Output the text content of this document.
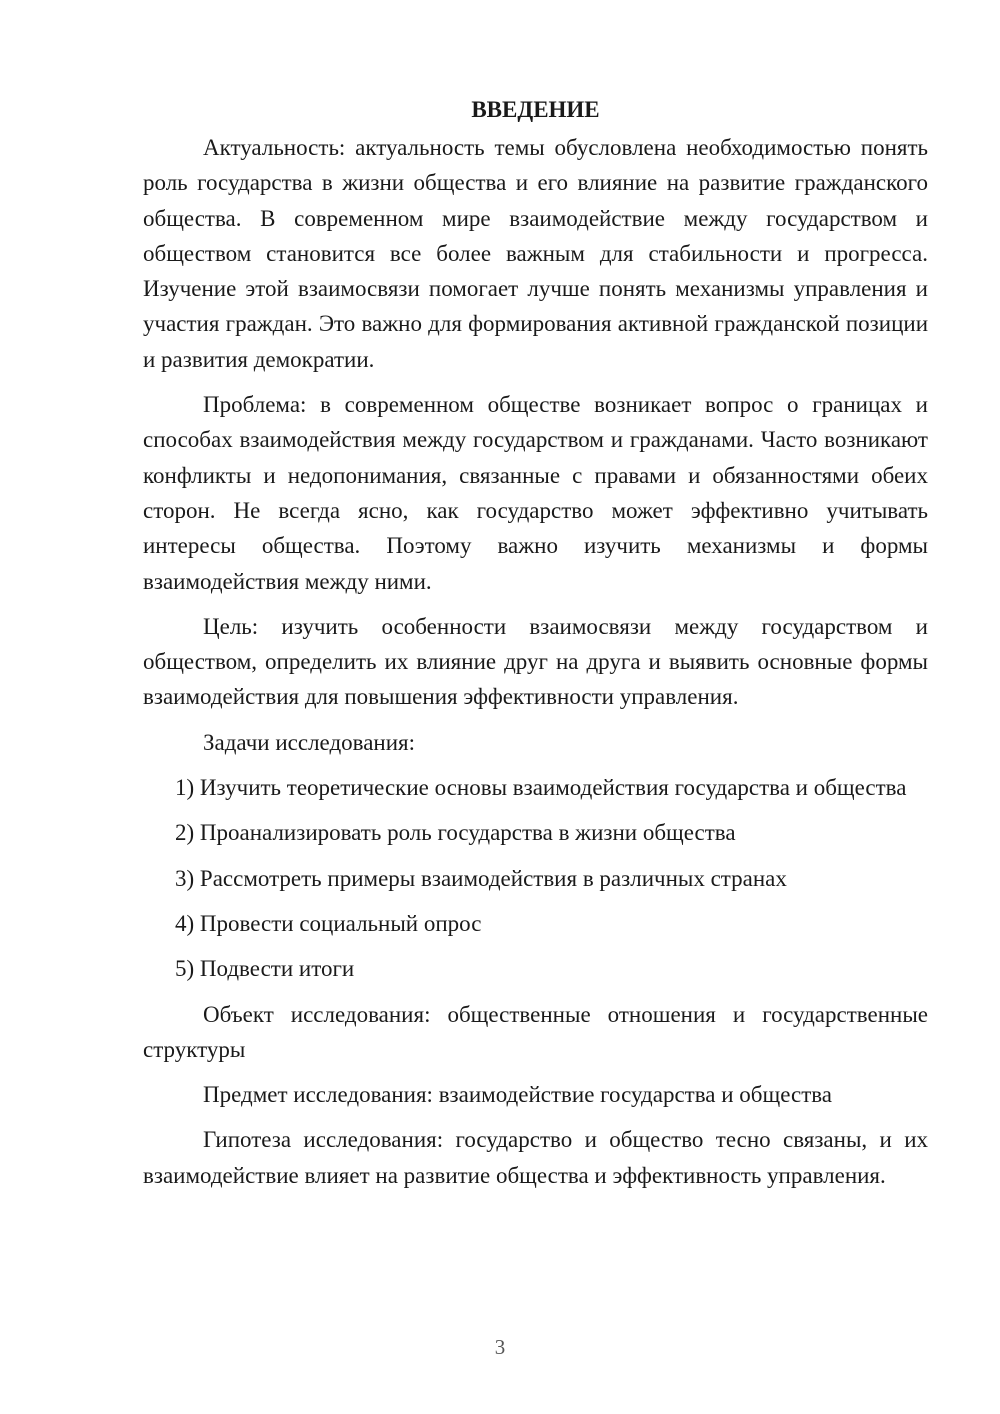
ВВЕДЕНИЕ

Актуальность: актуальность темы обусловлена необходимостью понять роль государства в жизни общества и его влияние на развитие гражданского общества. В современном мире взаимодействие между государством и обществом становится все более важным для стабильности и прогресса. Изучение этой взаимосвязи помогает лучше понять механизмы управления и участия граждан. Это важно для формирования активной гражданской позиции и развития демократии.

Проблема: в современном обществе возникает вопрос о границах и способах взаимодействия между государством и гражданами. Часто возникают конфликты и недопонимания, связанные с правами и обязанностями обеих сторон. Не всегда ясно, как государство может эффективно учитывать интересы общества. Поэтому важно изучить механизмы и формы взаимодействия между ними.

Цель: изучить особенности взаимосвязи между государством и обществом, определить их влияние друг на друга и выявить основные формы взаимодействия для повышения эффективности управления.

Задачи исследования:

1) Изучить теоретические основы взаимодействия государства и общества

2) Проанализировать роль государства в жизни общества

3) Рассмотреть примеры взаимодействия в различных странах

4) Провести социальный опрос

5) Подвести итоги

Объект исследования: общественные отношения и государственные структуры

Предмет исследования: взаимодействие государства и общества

Гипотеза исследования: государство и общество тесно связаны, и их взаимодействие влияет на развитие общества и эффективность управления.

3
